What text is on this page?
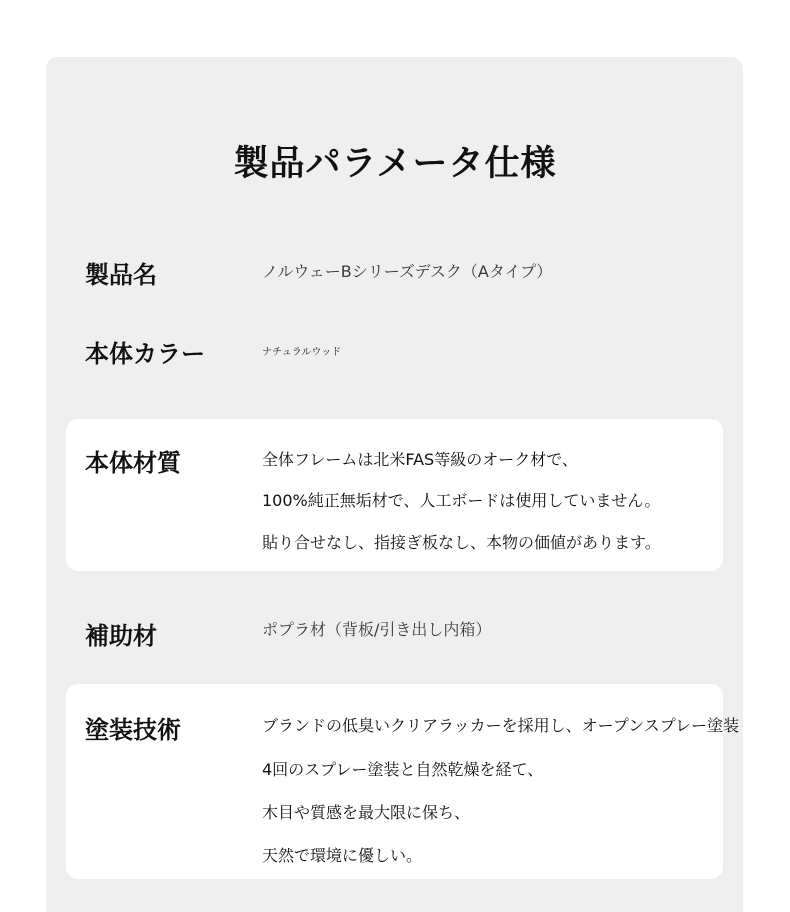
製品パラメータ仕様
製品名	ノルウェーBシリーズデスク（Aタイプ）
本体カラー	ナチュラルウッド
本体材質	全体フレームは北米FAS等級のオーク材で、
100%純正無垢材で、人工ボードは使用していません。
貼り合せなし、指接ぎ板なし、本物の価値があります。
補助材	ポプラ材（背板/引き出し内箱）
塗装技術	ブランドの低臭いクリアラッカーを採用し、オープンスプレー塗装
4回のスプレー塗装と自然乾燥を経て、
木目や質感を最大限に保ち、
天然で環境に優しい。
